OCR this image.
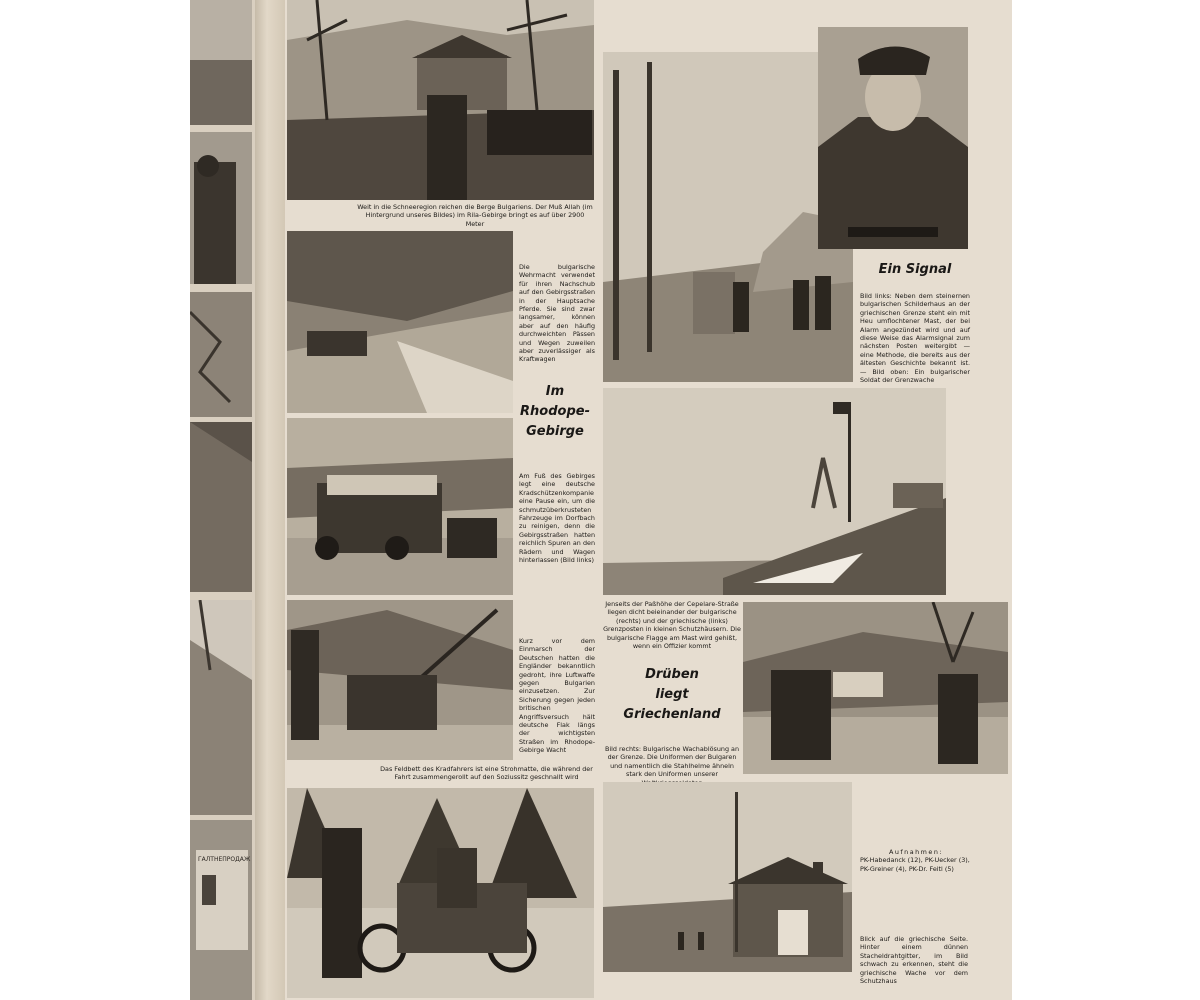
ГАЛТНЕПРОДАЖ
Weit in die Schneeregion reichen die Berge Bulgariens. Der Muß Allah (im Hintergrund unseres Bildes) im Rila-Gebirge bringt es auf über 2900 Meter
Die bulgarische Wehrmacht verwendet für ihren Nachschub auf den Gebirgsstraßen in der Hauptsache Pferde. Sie sind zwar langsamer, können aber auf den häufig durchweichten Pässen und Wegen zuweilen aber zuverlässiger als Kraftwagen
Im
Rhodope-
Gebirge
Am Fuß des Gebirges legt eine deutsche Kradschützenkompanie eine Pause ein, um die schmutzüberkrusteten Fahrzeuge im Dorfbach zu reinigen, denn die Gebirgsstraßen hatten reichlich Spuren an den Rädern und Wagen hinterlassen (Bild links)
Kurz vor dem Einmarsch der Deutschen hatten die Engländer bekanntlich gedroht, ihre Luftwaffe gegen Bulgarien einzusetzen. Zur Sicherung gegen jeden britischen Angriffsversuch hält deutsche Flak längs der wichtigsten Straßen im Rhodope-Gebirge Wacht
Das Feldbett des Kradfahrers ist eine Strohmatte, die während der Fahrt zusammengerollt auf den Soziussitz geschnallt wird
Ein Signal
Bild links: Neben dem steinernen bulgarischen Schilderhaus an der griechischen Grenze steht ein mit Heu umflochtener Mast, der bei Alarm angezündet wird und auf diese Weise das Alarmsignal zum nächsten Posten weitergibt — eine Methode, die bereits aus der ältesten Geschichte bekannt ist. — Bild oben: Ein bulgarischer Soldat der Grenzwache
Jenseits der Paßhöhe der Cepelare-Straße liegen dicht beieinander der bulgarische (rechts) und der griechische (links) Grenzposten in kleinen Schutzhäusern. Die bulgarische Flagge am Mast wird gehißt, wenn ein Offizier kommt
Drüben
liegt
Griechenland
Bild rechts: Bulgarische Wachablösung an der Grenze. Die Uniformen der Bulgaren und namentlich die Stahlhelme ähneln stark den Uniformen unserer
Aufnahmen:
PK-Habedanck (12), PK-Uecker (3), PK-Greiner (4), PK-Dr. Feitl (5)
Blick auf die griechische Seite. Hinter einem dünnen Stacheldrahtgitter, im Bild schwach zu erkennen, steht die griechische Wache vor dem Schutzhaus
